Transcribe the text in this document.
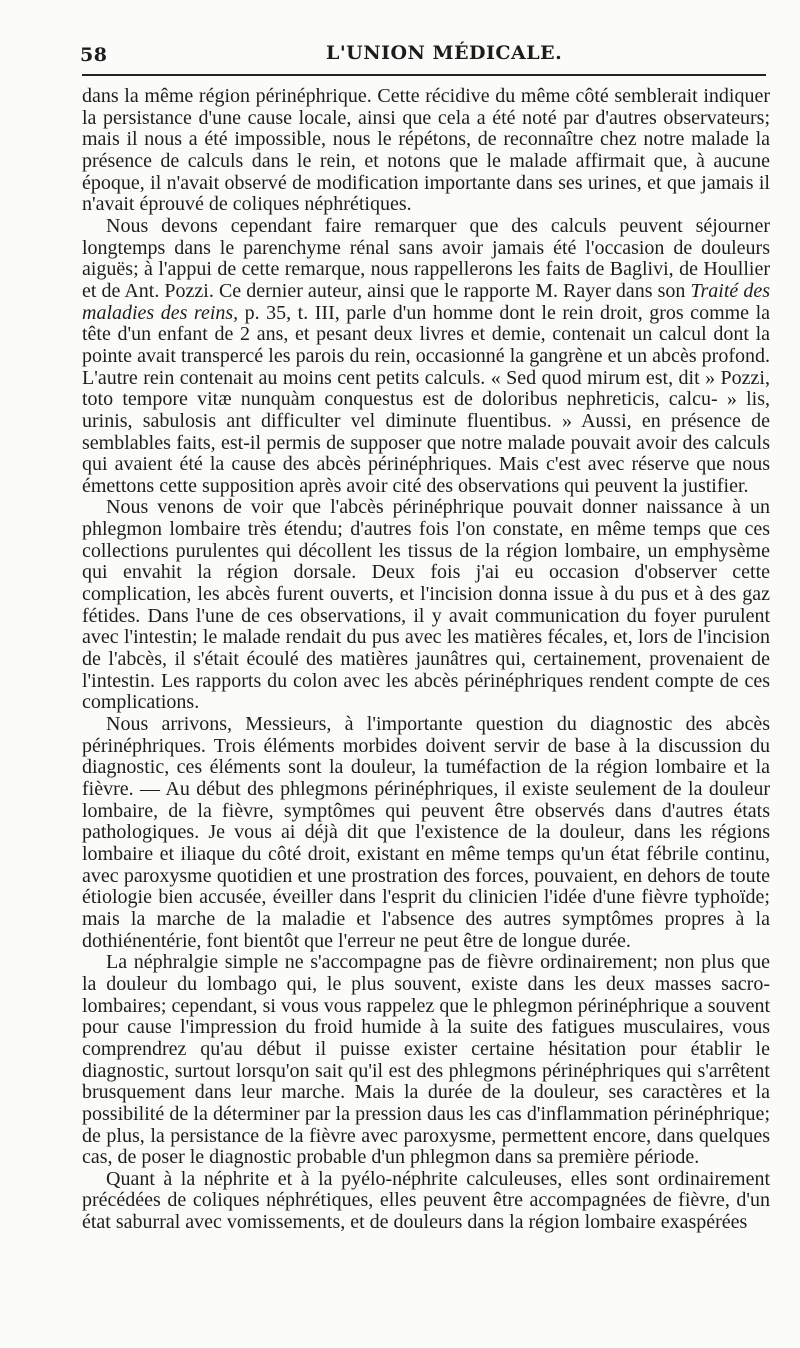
58	L'UNION MÉDICALE.

dans la même région périnéphrique. Cette récidive du même côté semblerait indiquer la persistance d'une cause locale, ainsi que cela a été noté par d'autres observateurs; mais il nous a été impossible, nous le répétons, de reconnaître chez notre malade la présence de calculs dans le rein, et notons que le malade affirmait que, à aucune époque, il n'avait observé de modification importante dans ses urines, et que jamais il n'avait éprouvé de coliques néphrétiques.

Nous devons cependant faire remarquer que des calculs peuvent séjourner longtemps dans le parenchyme rénal sans avoir jamais été l'occasion de douleurs aiguës; à l'appui de cette remarque, nous rappellerons les faits de Baglivi, de Houllier et de Ant. Pozzi. Ce dernier auteur, ainsi que le rapporte M. Rayer dans son Traité des maladies des reins, p. 35, t. III, parle d'un homme dont le rein droit, gros comme la tête d'un enfant de 2 ans, et pesant deux livres et demie, contenait un calcul dont la pointe avait transpercé les parois du rein, occasionné la gangrène et un abcès profond. L'autre rein contenait au moins cent petits calculs. « Sed quod mirum est, dit » Pozzi, toto tempore vitæ nunquàm conquestus est de doloribus nephreticis, calcu- » lis, urinis, sabulosis ant difficulter vel diminute fluentibus. » Aussi, en présence de semblables faits, est-il permis de supposer que notre malade pouvait avoir des calculs qui avaient été la cause des abcès périnéphriques. Mais c'est avec réserve que nous émettons cette supposition après avoir cité des observations qui peuvent la justifier.

Nous venons de voir que l'abcès périnéphrique pouvait donner naissance à un phlegmon lombaire très étendu; d'autres fois l'on constate, en même temps que ces collections purulentes qui décollent les tissus de la région lombaire, un emphysème qui envahit la région dorsale. Deux fois j'ai eu occasion d'observer cette complication, les abcès furent ouverts, et l'incision donna issue à du pus et à des gaz fétides. Dans l'une de ces observations, il y avait communication du foyer purulent avec l'intestin; le malade rendait du pus avec les matières fécales, et, lors de l'incision de l'abcès, il s'était écoulé des matières jaunâtres qui, certainement, provenaient de l'intestin. Les rapports du colon avec les abcès périnéphriques rendent compte de ces complications.

Nous arrivons, Messieurs, à l'importante question du diagnostic des abcès périnéphriques. Trois éléments morbides doivent servir de base à la discussion du diagnostic, ces éléments sont la douleur, la tuméfaction de la région lombaire et la fièvre. — Au début des phlegmons périnéphriques, il existe seulement de la douleur lombaire, de la fièvre, symptômes qui peuvent être observés dans d'autres états pathologiques. Je vous ai déjà dit que l'existence de la douleur, dans les régions lombaire et iliaque du côté droit, existant en même temps qu'un état fébrile continu, avec paroxysme quotidien et une prostration des forces, pouvaient, en dehors de toute étiologie bien accusée, éveiller dans l'esprit du clinicien l'idée d'une fièvre typhoïde; mais la marche de la maladie et l'absence des autres symptômes propres à la dothiénentérie, font bientôt que l'erreur ne peut être de longue durée.

La néphralgie simple ne s'accompagne pas de fièvre ordinairement; non plus que la douleur du lombago qui, le plus souvent, existe dans les deux masses sacro-lombaires; cependant, si vous vous rappelez que le phlegmon périnéphrique a souvent pour cause l'impression du froid humide à la suite des fatigues musculaires, vous comprendrez qu'au début il puisse exister certaine hésitation pour établir le diagnostic, surtout lorsqu'on sait qu'il est des phlegmons périnéphriques qui s'arrêtent brusquement dans leur marche. Mais la durée de la douleur, ses caractères et la possibilité de la déterminer par la pression daus les cas d'inflammation périnéphrique; de plus, la persistance de la fièvre avec paroxysme, permettent encore, dans quelques cas, de poser le diagnostic probable d'un phlegmon dans sa première période.

Quant à la néphrite et à la pyélo-néphrite calculeuses, elles sont ordinairement précédées de coliques néphrétiques, elles peuvent être accompagnées de fièvre, d'un état saburral avec vomissements, et de douleurs dans la région lombaire exaspérées
